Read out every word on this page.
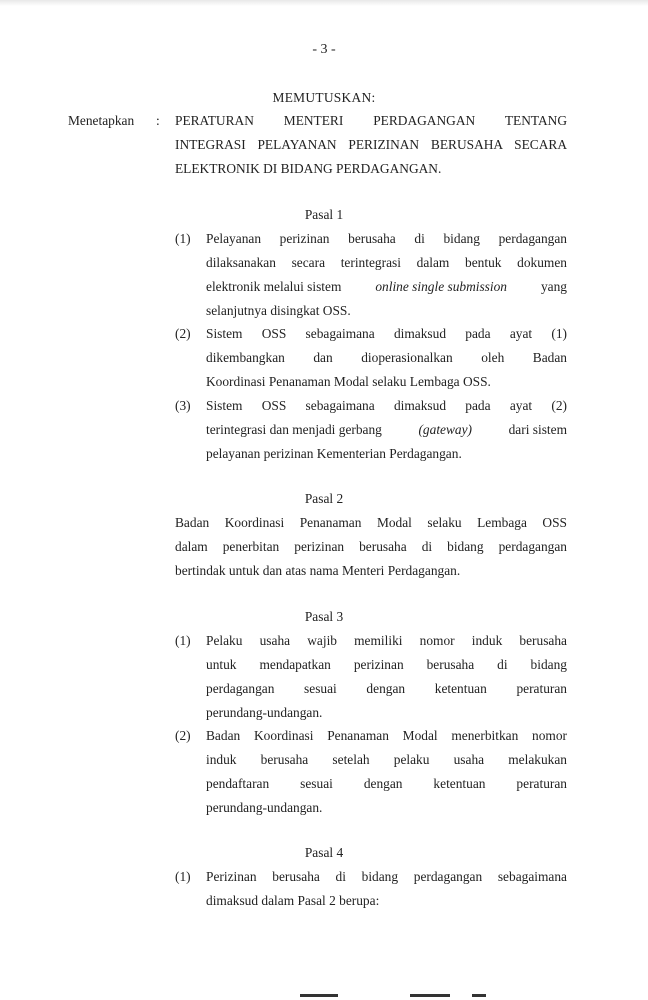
- 3 -

MEMUTUSKAN:

Menetapkan : PERATURAN MENTERI PERDAGANGAN TENTANG
INTEGRASI PELAYANAN PERIZINAN BERUSAHA SECARA
ELEKTRONIK DI BIDANG PERDAGANGAN.
Pasal 1
(1) Pelayanan perizinan berusaha di bidang perdagangan
dilaksanakan secara terintegrasi dalam bentuk dokumen
elektronik melalui sistem	online single submission	yang
selanjutnya disingkat OSS.
(2) Sistem OSS sebagaimana dimaksud pada ayat (1)
dikembangkan dan dioperasionalkan oleh Badan
Koordinasi Penanaman Modal selaku Lembaga OSS.
(3) Sistem OSS sebagaimana dimaksud pada ayat (2)
terintegrasi dan menjadi gerbang	(gateway)	dari sistem
pelayanan perizinan Kementerian Perdagangan.
Pasal 2
Badan Koordinasi Penanaman Modal selaku Lembaga OSS
dalam penerbitan perizinan berusaha di bidang perdagangan
bertindak untuk dan atas nama Menteri Perdagangan.
Pasal 3
(1) Pelaku usaha wajib memiliki nomor induk berusaha
untuk mendapatkan perizinan berusaha di bidang
perdagangan sesuai dengan ketentuan peraturan
perundang-undangan.
(2) Badan Koordinasi Penanaman Modal menerbitkan nomor
induk berusaha setelah pelaku usaha melakukan
pendaftaran sesuai dengan ketentuan peraturan
perundang-undangan.
Pasal 4
(1) Perizinan berusaha di bidang perdagangan sebagaimana
dimaksud dalam Pasal 2 berupa:
